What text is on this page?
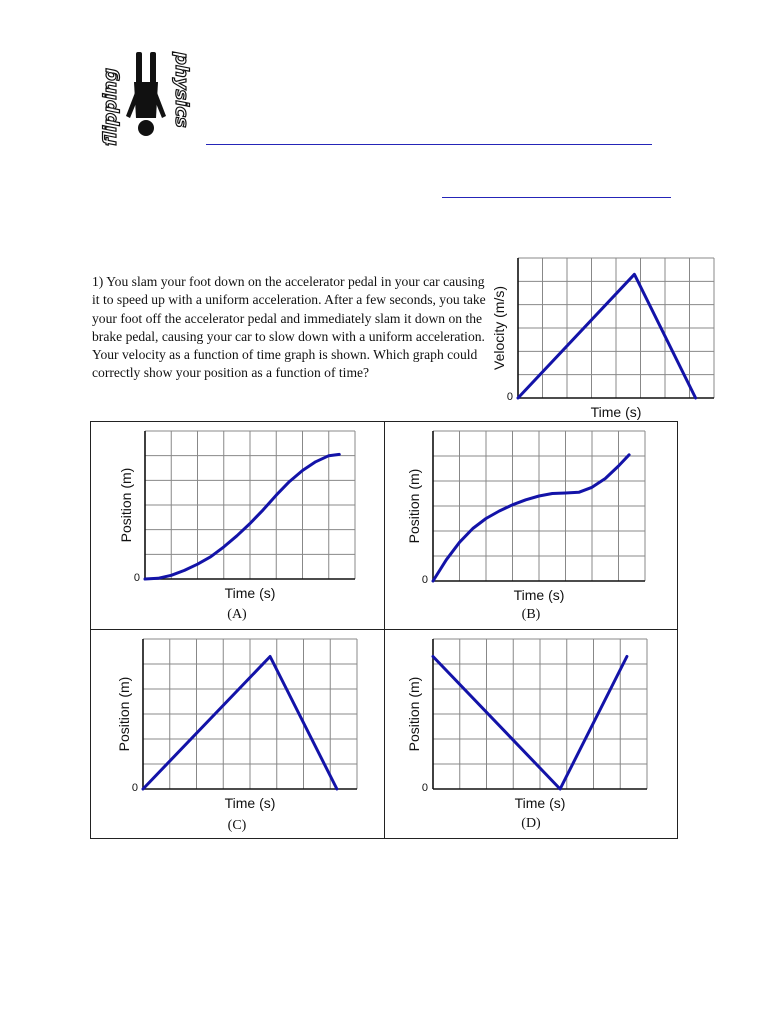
flipping	physics
1) You slam your foot down on the accelerator pedal in your car causing it to speed up with a uniform acceleration. After a few seconds, you take your foot off the accelerator pedal and immediately slam it down on the brake pedal, causing your car to slow down with a uniform acceleration. Your velocity as a function of time graph is shown. Which graph could correctly show your position as a function of time?
0
Time (s)
Velocity (m/s)
0
Time (s)
Position (m)
(A)
0
Time (s)
Position (m)
(B)
0
Time (s)
Position (m)
(C)
0
Time (s)
Position (m)
(D)
